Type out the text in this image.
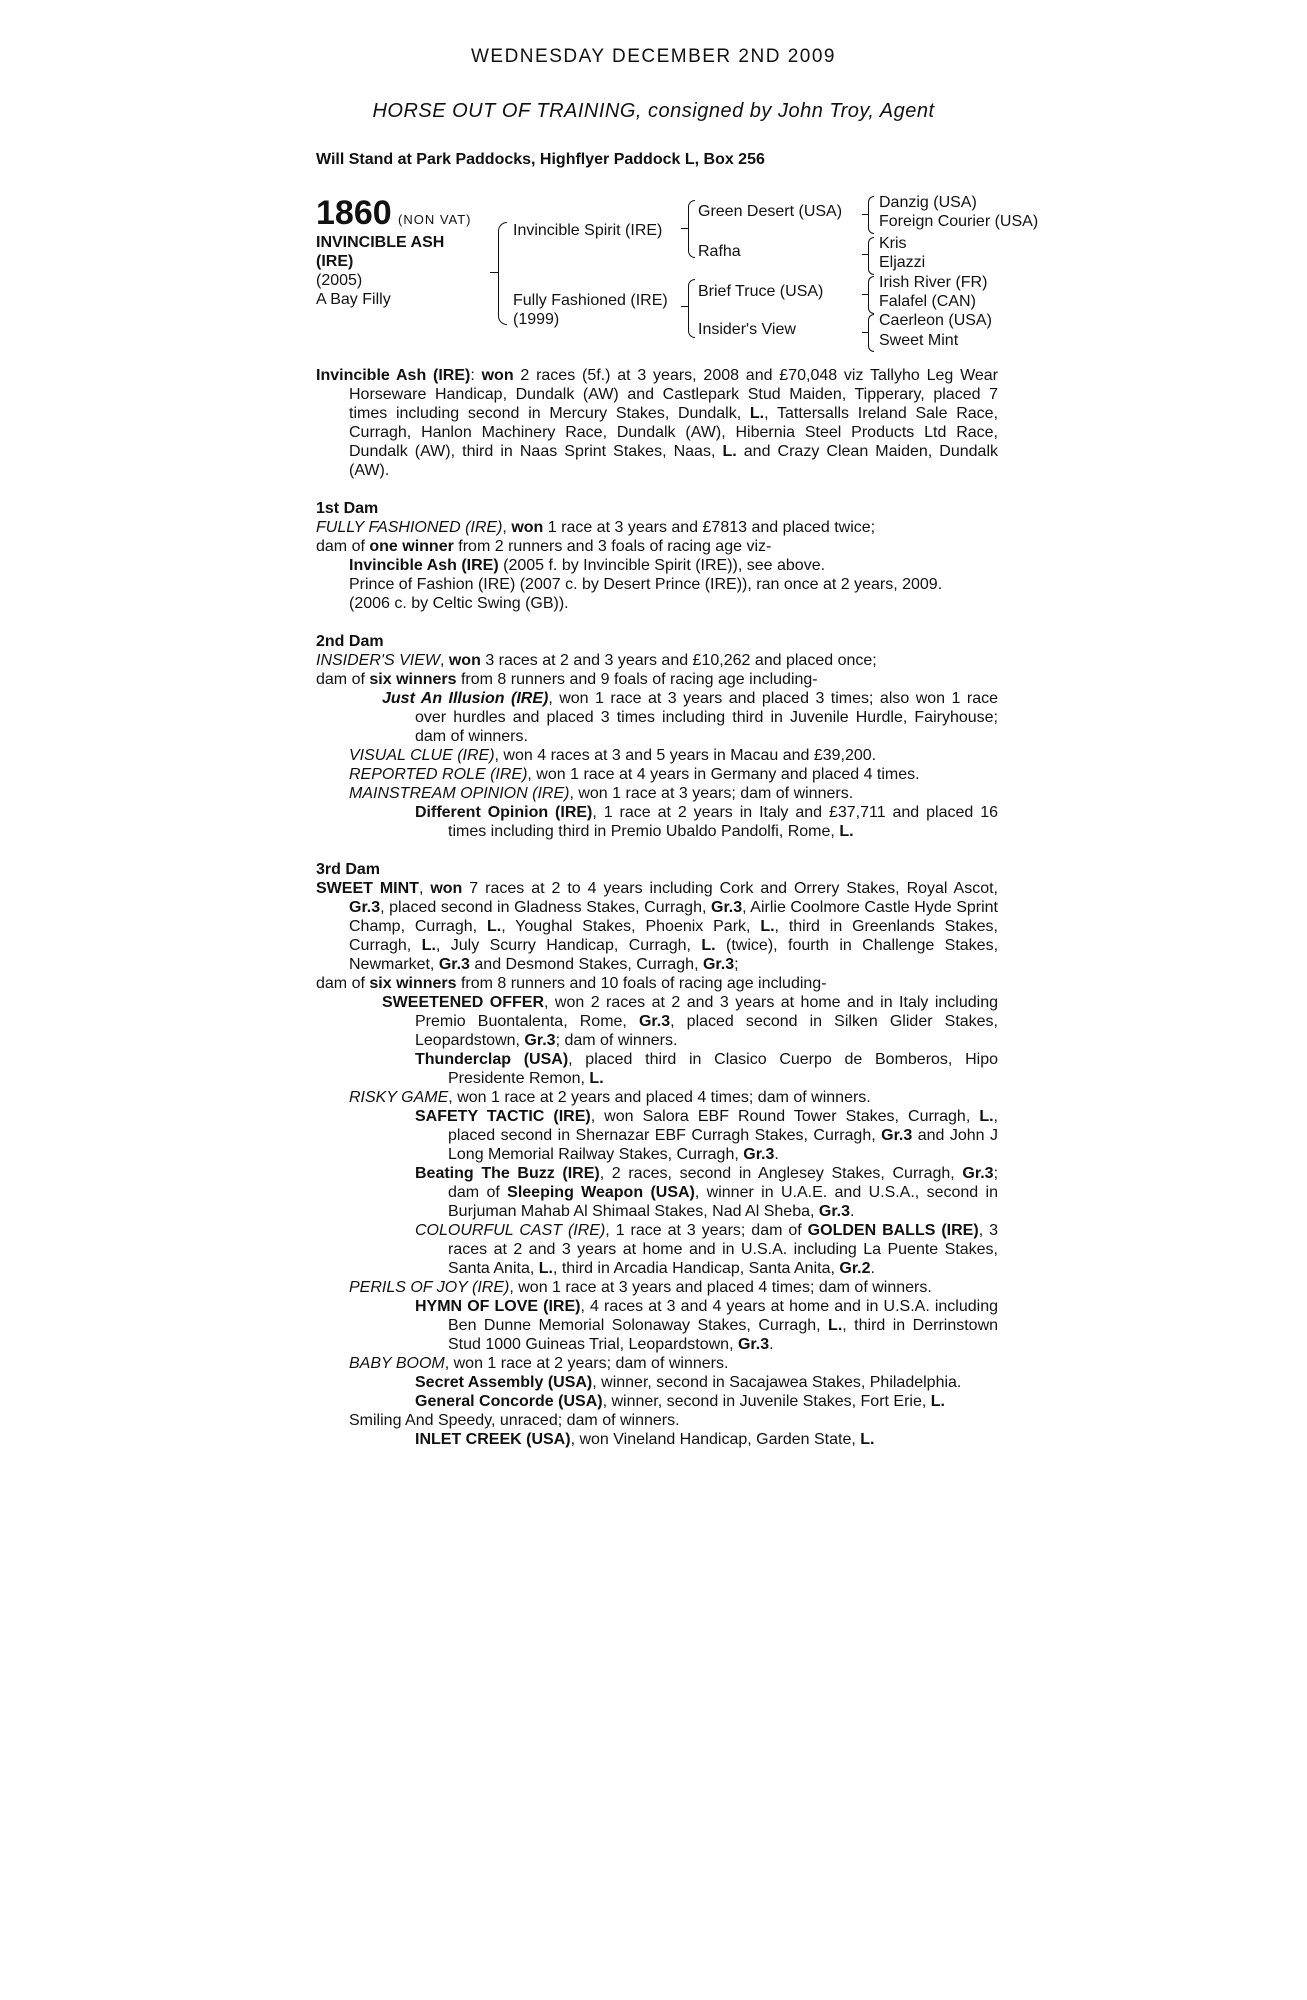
WEDNESDAY DECEMBER 2ND 2009
HORSE OUT OF TRAINING, consigned by John Troy, Agent
Will Stand at Park Paddocks, Highflyer Paddock L, Box 256
1860 (NON VAT)
INVINCIBLE ASH (IRE)
(2005)
A Bay Filly
Invincible Spirit (IRE)
Fully Fashioned (IRE)
(1999)
Green Desert (USA)
Rafha
Brief Truce (USA)
Insider's View
Danzig (USA)
Foreign Courier (USA)
Kris
Eljazzi
Irish River (FR)
Falafel (CAN)
Caerleon (USA)
Sweet Mint

Invincible Ash (IRE): won 2 races (5f.) at 3 years, 2008 and £70,048 viz Tallyho Leg Wear Horseware Handicap, Dundalk (AW) and Castlepark Stud Maiden, Tipperary, placed 7 times including second in Mercury Stakes, Dundalk, L., Tattersalls Ireland Sale Race, Curragh, Hanlon Machinery Race, Dundalk (AW), Hibernia Steel Products Ltd Race, Dundalk (AW), third in Naas Sprint Stakes, Naas, L. and Crazy Clean Maiden, Dundalk (AW).

1st Dam

FULLY FASHIONED (IRE), won 1 race at 3 years and £7813 and placed twice;

dam of one winner from 2 runners and 3 foals of racing age viz-

Invincible Ash (IRE) (2005 f. by Invincible Spirit (IRE)), see above.

Prince of Fashion (IRE) (2007 c. by Desert Prince (IRE)), ran once at 2 years, 2009.

(2006 c. by Celtic Swing (GB)).

2nd Dam

INSIDER'S VIEW, won 3 races at 2 and 3 years and £10,262 and placed once;

dam of six winners from 8 runners and 9 foals of racing age including-

Just An Illusion (IRE), won 1 race at 3 years and placed 3 times; also won 1 race over hurdles and placed 3 times including third in Juvenile Hurdle, Fairyhouse; dam of winners.

VISUAL CLUE (IRE), won 4 races at 3 and 5 years in Macau and £39,200.

REPORTED ROLE (IRE), won 1 race at 4 years in Germany and placed 4 times.

MAINSTREAM OPINION (IRE), won 1 race at 3 years; dam of winners.

Different Opinion (IRE), 1 race at 2 years in Italy and £37,711 and placed 16 times including third in Premio Ubaldo Pandolfi, Rome, L.

3rd Dam

SWEET MINT, won 7 races at 2 to 4 years including Cork and Orrery Stakes, Royal Ascot, Gr.3, placed second in Gladness Stakes, Curragh, Gr.3, Airlie Coolmore Castle Hyde Sprint Champ, Curragh, L., Youghal Stakes, Phoenix Park, L., third in Greenlands Stakes, Curragh, L., July Scurry Handicap, Curragh, L. (twice), fourth in Challenge Stakes, Newmarket, Gr.3 and Desmond Stakes, Curragh, Gr.3;

dam of six winners from 8 runners and 10 foals of racing age including-

SWEETENED OFFER, won 2 races at 2 and 3 years at home and in Italy including Premio Buontalenta, Rome, Gr.3, placed second in Silken Glider Stakes, Leopardstown, Gr.3; dam of winners.

Thunderclap (USA), placed third in Clasico Cuerpo de Bomberos, Hipo Presidente Remon, L.

RISKY GAME, won 1 race at 2 years and placed 4 times; dam of winners.

SAFETY TACTIC (IRE), won Salora EBF Round Tower Stakes, Curragh, L., placed second in Shernazar EBF Curragh Stakes, Curragh, Gr.3 and John J Long Memorial Railway Stakes, Curragh, Gr.3.

Beating The Buzz (IRE), 2 races, second in Anglesey Stakes, Curragh, Gr.3; dam of Sleeping Weapon (USA), winner in U.A.E. and U.S.A., second in Burjuman Mahab Al Shimaal Stakes, Nad Al Sheba, Gr.3.

COLOURFUL CAST (IRE), 1 race at 3 years; dam of GOLDEN BALLS (IRE), 3 races at 2 and 3 years at home and in U.S.A. including La Puente Stakes, Santa Anita, L., third in Arcadia Handicap, Santa Anita, Gr.2.

PERILS OF JOY (IRE), won 1 race at 3 years and placed 4 times; dam of winners.

HYMN OF LOVE (IRE), 4 races at 3 and 4 years at home and in U.S.A. including Ben Dunne Memorial Solonaway Stakes, Curragh, L., third in Derrinstown Stud 1000 Guineas Trial, Leopardstown, Gr.3.

BABY BOOM, won 1 race at 2 years; dam of winners.

Secret Assembly (USA), winner, second in Sacajawea Stakes, Philadelphia.

General Concorde (USA), winner, second in Juvenile Stakes, Fort Erie, L.

Smiling And Speedy, unraced; dam of winners.

INLET CREEK (USA), won Vineland Handicap, Garden State, L.
